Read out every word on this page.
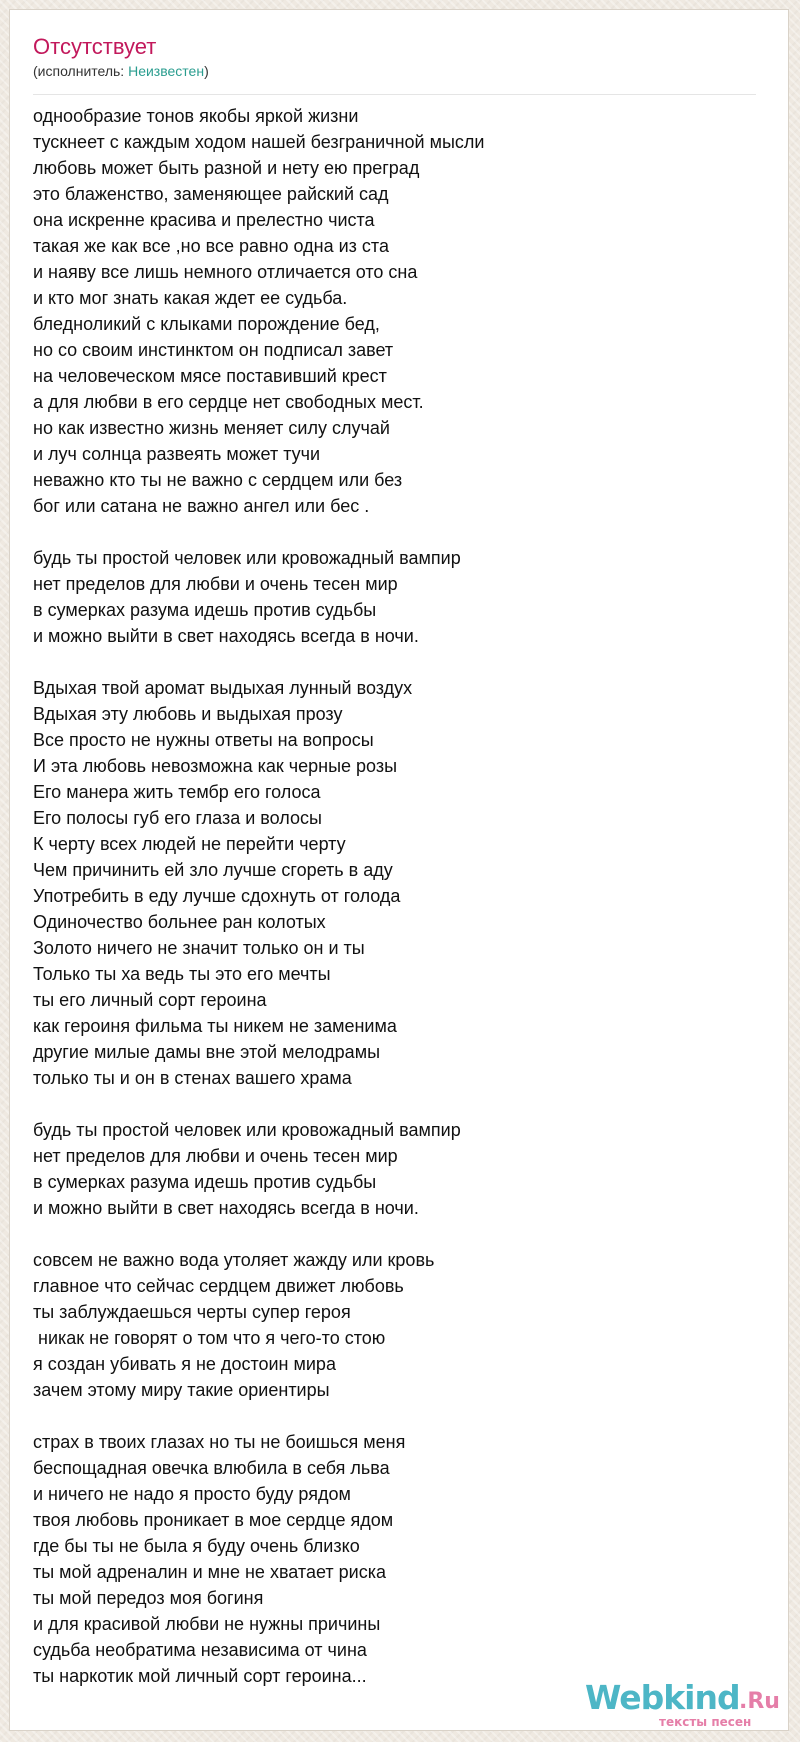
Отсутствует
(исполнитель: Неизвестен)
однообразие тонов якобы яркой жизни
тускнеет с каждым ходом нашей безграничной мысли
любовь может быть разной и нету ею преград
это блаженство, заменяющее райский сад
она искренне красива и прелестно чиста
такая же как все ,но все равно одна из ста
и наяву все лишь немного отличается ото сна
и кто мог знать какая ждет ее судьба.
бледноликий с клыками порождение бед,
но со своим инстинктом он подписал завет
на человеческом мясе поставивший крест
а для любви в его сердце нет свободных мест.
но как известно жизнь меняет силу случай
и луч солнца развеять может тучи
неважно кто ты не важно с сердцем или без
бог или сатана не важно ангел или бес .

будь ты простой человек или кровожадный вампир
нет пределов для любви и очень тесен мир
в сумерках разума идешь против судьбы
и можно выйти в свет находясь всегда в ночи.

Вдыхая твой аромат выдыхая лунный воздух
Вдыхая эту любовь и выдыхая прозу
Все просто не нужны ответы на вопросы
И эта любовь невозможна как черные розы
Его манера жить тембр его голоса
Его полосы губ его глаза и волосы
К черту всех людей не перейти черту
Чем причинить ей зло лучше сгореть в аду
Употребить в еду лучше сдохнуть от голода
Одиночество больнее ран колотых
Золото ничего не значит только он и ты
Только ты ха ведь ты это его мечты
ты его личный сорт героина
как героиня фильма ты никем не заменима
другие милые дамы вне этой мелодрамы
только ты и он в стенах вашего храма

будь ты простой человек или кровожадный вампир
нет пределов для любви и очень тесен мир
в сумерках разума идешь против судьбы
и можно выйти в свет находясь всегда в ночи.

совсем не важно вода утоляет жажду или кровь
главное что сейчас сердцем движет любовь
ты заблуждаешься черты супер героя
никак не говорят о том что я чего-то стою
я создан убивать я не достоин мира
зачем этому миру такие ориентиры

страх в твоих глазах но ты не боишься меня
беспощадная овечка влюбила в себя льва
и ничего не надо я просто буду рядом
твоя любовь проникает в мое сердце ядом
где бы ты не была я буду очень близко
ты мой адреналин и мне не хватает риска
ты мой передоз моя богиня
и для красивой любви не нужны причины
судьба необратима независима от чина
ты наркотик мой личный сорт героина...
Webkind .Ru
тексты песен
